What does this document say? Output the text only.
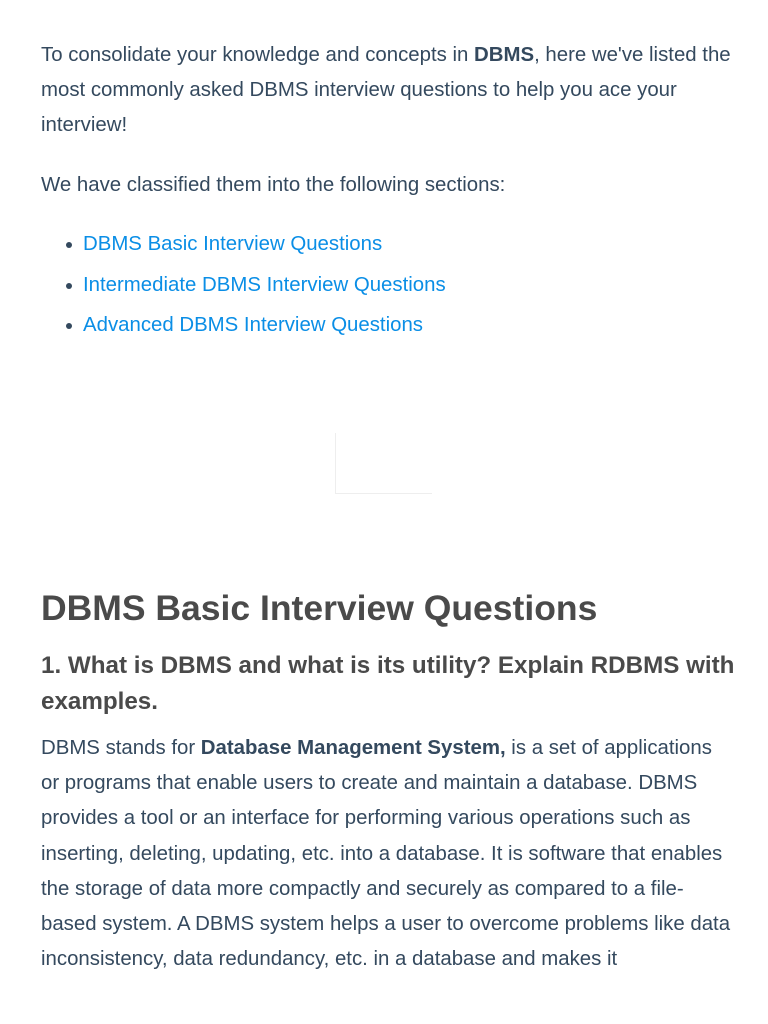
To consolidate your knowledge and concepts in DBMS, here we've listed the most commonly asked DBMS interview questions to help you ace your interview!

We have classified them into the following sections:

DBMS Basic Interview Questions
Intermediate DBMS Interview Questions
Advanced DBMS Interview Questions
DBMS Basic Interview Questions
1. What is DBMS and what is its utility? Explain RDBMS with examples.

DBMS stands for Database Management System, is a set of applications or programs that enable users to create and maintain a database. DBMS provides a tool or an interface for performing various operations such as inserting, deleting, updating, etc. into a database. It is software that enables the storage of data more compactly and securely as compared to a file-based system. A DBMS system helps a user to overcome problems like data inconsistency, data redundancy, etc. in a database and makes it
